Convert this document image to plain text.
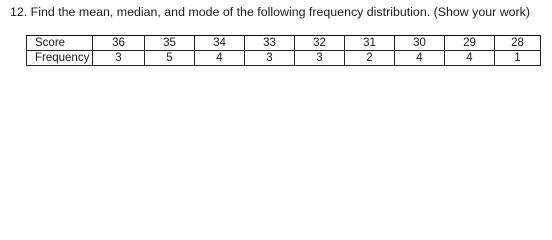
12. Find the mean, median, and mode of the following frequency distribution. (Show your work)
Score	36	35	34	33	32	31	30	29	28
Frequency	3	5	4	3	3	2	4	4	1
